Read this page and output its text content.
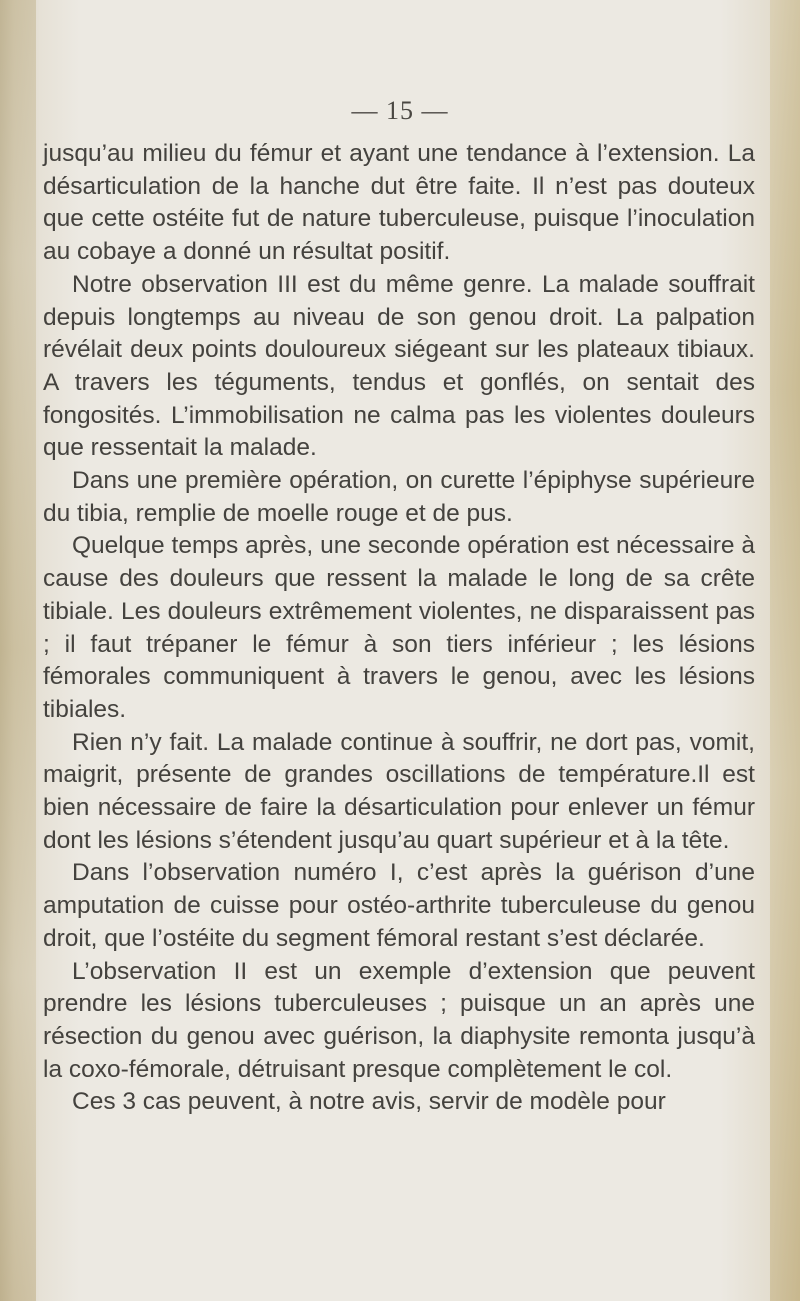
— 15 —

jusqu’au milieu du fémur et ayant une tendance à l’extension. La désarticulation de la hanche dut être faite. Il n’est pas douteux que cette ostéite fut de nature tuberculeuse, puisque l’inoculation au cobaye a donné un résultat positif.

Notre observation III est du même genre. La malade souffrait depuis longtemps au niveau de son genou droit. La palpation révélait deux points douloureux siégeant sur les plateaux tibiaux. A travers les téguments, tendus et gonflés, on sentait des fongosités. L’immobilisation ne calma pas les violentes douleurs que ressentait la malade.

Dans une première opération, on curette l’épiphyse supérieure du tibia, remplie de moelle rouge et de pus.

Quelque temps après, une seconde opération est nécessaire à cause des douleurs que ressent la malade le long de sa crête tibiale. Les douleurs extrêmement violentes, ne disparaissent pas ; il faut trépaner le fémur à son tiers inférieur ; les lésions fémorales communiquent à travers le genou, avec les lésions tibiales.

Rien n’y fait. La malade continue à souffrir, ne dort pas, vomit, maigrit, présente de grandes oscillations de température.Il est bien nécessaire de faire la désarticulation pour enlever un fémur dont les lésions s’étendent jusqu’au quart supérieur et à la tête.

Dans l’observation numéro I, c’est après la guérison d’une amputation de cuisse pour ostéo-arthrite tuberculeuse du genou droit, que l’ostéite du segment fémoral restant s’est déclarée.

L’observation II est un exemple d’extension que peuvent prendre les lésions tuberculeuses ; puisque un an après une résection du genou avec guérison, la diaphysite remonta jusqu’à la coxo-fémorale, détruisant presque complètement le col.

Ces 3 cas peuvent, à notre avis, servir de modèle pour
